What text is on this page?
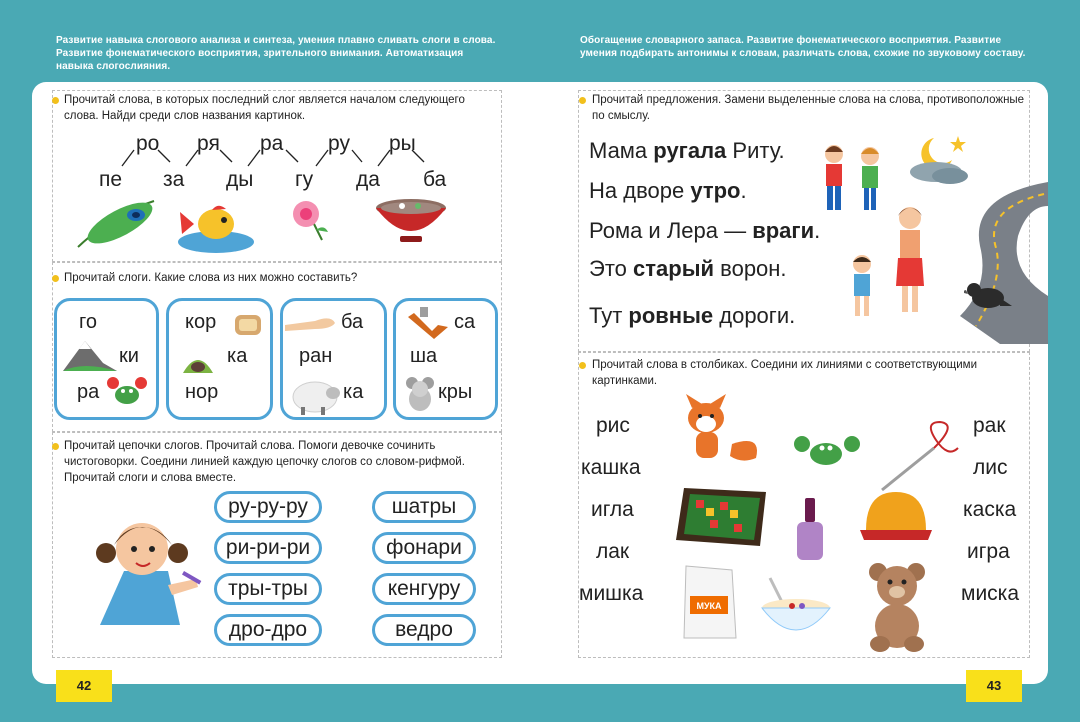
Развитие навыка слогового анализа и синтеза, умения плавно сливать слоги в слова. Развитие фонематического восприятия, зрительного внимания. Автоматизация навыка слогослияния.
Обогащение словарного запаса. Развитие фонематического восприятия. Развитие умения подбирать антонимы к словам, различать слова, схожие по звуковому составу.
Прочитай слова, в которых последний слог является началом следующего слова. Найди среди слов названия картинок.
ро ря ра ру ры
пе за ды гу да ба
Прочитай слоги. Какие слова из них можно составить?
го
ки
ра
кор
ка
нор
ба
ран
ка
са
ша
кры
Прочитай цепочки слогов. Прочитай слова. Помоги девочке сочинить чистоговорки. Соедини линией каждую цепочку слогов со словом-рифмой. Прочитай слоги и слова вместе.
ру-ру-ру
ри-ри-ри
тры-тры
дро-дро
шатры
фонари
кенгуру
ведро
42
Прочитай предложения. Замени выделенные слова на слова, противоположные по смыслу.
Мама ругала Риту.
На дворе утро.
Рома и Лера — враги.
Это старый ворон.
Тут ровные дороги.
Прочитай слова в столбиках. Соедини их линиями с соответствующими картинками.
рис
кашка
игла
лак
мишка
рак
лис
каска
игра
миска
МУКА
43
